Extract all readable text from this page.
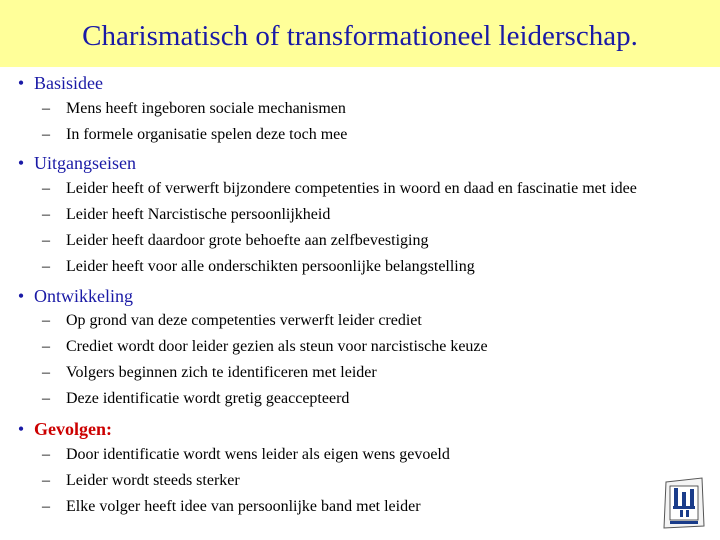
Charismatisch of transformationeel leiderschap.
• Basisidee
–	Mens heeft ingeboren sociale mechanismen
–	In formele organisatie spelen deze toch mee
• Uitgangseisen
–	Leider heeft of verwerft bijzondere competenties in woord en daad en fascinatie met idee
–	Leider heeft Narcistische persoonlijkheid
–	Leider heeft daardoor grote behoefte aan zelfbevestiging
–	Leider heeft voor alle onderschikten persoonlijke belangstelling
• Ontwikkeling
–	Op grond van deze competenties verwerft leider crediet
–	Crediet wordt door leider gezien als steun voor narcistische keuze
–	Volgers beginnen zich te identificeren met leider
–	Deze identificatie wordt gretig geaccepteerd
• Gevolgen:
–	Door identificatie wordt wens leider als eigen wens gevoeld
–	Leider wordt steeds sterker
–	Elke volger heeft idee van persoonlijke band met leider
